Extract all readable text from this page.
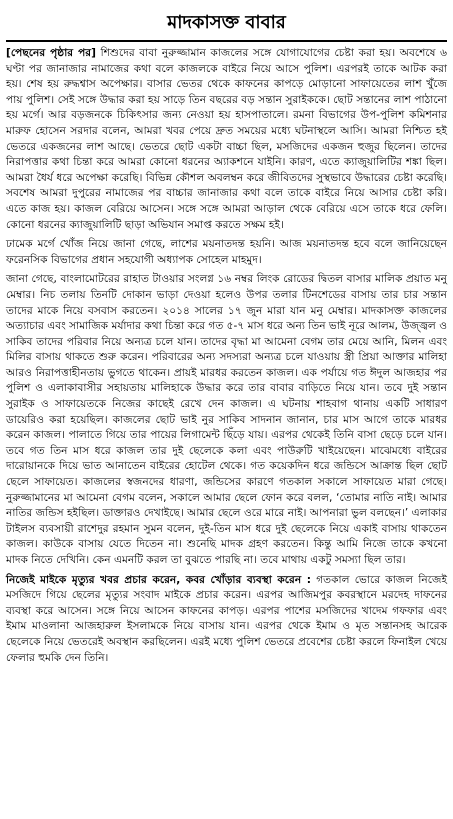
মাদকাসক্ত বাবার

[পেছনের পৃষ্ঠার পর] শিশুদের বাবা নুরুজ্জামান কাজলের সঙ্গে যোগাযোগের চেষ্টা করা হয়। অবশেষে ৬ ঘণ্টা পর জানাজার নামাজের কথা বলে কাজলকে বাইরে নিয়ে আসে পুলিশ। এরপরই তাকে আটক করা হয়। শেষ হয় রুদ্ধশ্বাস অপেক্ষার। বাসার ভেতর থেকে কাফনের কাপড়ে মোড়ানো সাফায়েতের লাশ খুঁজে পায় পুলিশ। সেই সঙ্গে উদ্ধার করা হয় সাড়ে তিন বছরের বড় সন্তান সুরাইককে। ছোট সন্তানের লাশ পাঠানো হয় মর্গে। আর বড়জনকে চিকিৎসার জন্য নেওয়া হয় হাসপাতালে। রমনা বিভাগের উপ-পুলিশ কমিশনার মারুফ হোসেন সরদার বলেন, আমরা খবর পেয়ে দ্রুত সময়ের মধ্যে ঘটনাস্থলে আসি। আমরা নিশ্চিত হই ভেতরে একজনের লাশ আছে। ভেতরে ছোট একটা বাচ্চা ছিল, মসজিদের একজন হুজুর ছিলেন। তাদের নিরাপত্তার কথা চিন্তা করে আমরা কোনো ধরনের অ্যাকশনে যাইনি। কারণ, এতে ক্যাজুয়ালিটির শঙ্কা ছিল। আমরা ধৈর্য ধরে অপেক্ষা করেছি। বিভিন্ন কৌশল অবলম্বন করে জীবিতদের সুস্থভাবে উদ্ধারের চেষ্টা করেছি। সবশেষ আমরা দুপুরের নামাজের পর বাচ্চার জানাজার কথা বলে তাকে বাইরে নিয়ে আসার চেষ্টা করি। এতে কাজ হয়। কাজল বেরিয়ে আসেন। সঙ্গে সঙ্গে আমরা আড়াল থেকে বেরিয়ে এসে তাকে ধরে ফেলি। কোনো ধরনের ক্যাজুয়ালিটি ছাড়া অভিযান সমাপ্ত করতে সক্ষম হই।

ঢামেক মর্গে খোঁজ নিয়ে জানা গেছে, লাশের ময়নাতদন্ত হয়নি। আজ ময়নাতদন্ত হবে বলে জানিয়েছেন ফরেনসিক বিভাগের প্রধান সহযোগী অধ্যাপক সোহেল মাহমুদ।

জানা গেছে, বাংলামোটরের রাহাত টাওয়ার সংলগ্ন ১৬ নম্বর লিংক রোডের দ্বিতল বাসার মালিক প্রয়াত মনু মেম্বার। নিচ তলায় তিনটি দোকান ভাড়া দেওয়া হলেও উপর তলার টিনশেডের বাসায় তার চার সন্তান তাদের মাকে নিয়ে বসবাস করতেন। ২০১৪ সালের ১৭ জুন মারা যান মনু মেম্বার। মাদকাসক্ত কাজলের অত্যাচার এবং সামাজিক মর্যাদার কথা চিন্তা করে গত ৫-৭ মাস ধরে অন্য তিন ভাই নূরে আলম, উজ্জ্বল ও সাকিব তাদের পরিবার নিয়ে অন্যত্র চলে যান। তাদের বৃদ্ধা মা আমেনা বেগম তার মেয়ে আনি, মিলন এবং মিলির বাসায় থাকতে শুরু করেন। পরিবারের অন্য সদস্যরা অন্যত্র চলে যাওয়ায় স্ত্রী প্রিয়া আক্তার মালিহা আরও নিরাপত্তাহীনতায় ভুগতে থাকেন। প্রায়ই মারধর করতেন কাজল। এক পর্যায়ে গত ঈদুল আজহার পর পুলিশ ও এলাকাবাসীর সহায়তায় মালিহাকে উদ্ধার করে তার বাবার বাড়িতে নিয়ে যান। তবে দুই সন্তান সুরাইক ও সাফায়েতকে নিজের কাছেই রেখে দেন কাজল। এ ঘটনায় শাহবাগ থানায় একটি সাধারণ ডায়েরিও করা হয়েছিল। কাজলের ছোট ভাই নুর সাকিব সাদনান জানান, চার মাস আগে তাকে মারধর করেন কাজল। পালাতে গিয়ে তার পায়ের লিগামেন্ট ছিঁড়ে যায়। এরপর থেকেই তিনি বাসা ছেড়ে চলে যান। তবে গত তিন মাস ধরে কাজল তার দুই ছেলেকে কলা এবং পাউরুটি খাইয়েছেন। মাঝেমধ্যে বাইরের দারোয়ানকে দিয়ে ভাত আনাতেন বাইরের হোটেল থেকে। গত কয়েকদিন ধরে জন্ডিসে আক্রান্ত ছিল ছোট ছেলে সাফায়েত। কাজলের স্বজনদের ধারণা, জন্ডিসের কারণে গতকাল সকালে সাফায়েত মারা গেছে। নুরুজ্জামানের মা আমেনা বেগম বলেন, সকালে আমার ছেলে ফোন করে বলল, ‘তোমার নাতি নাই। আমার নাতির জন্ডিস হইছিল। ডাক্তারও দেখাইছে। আমার ছেলে ওরে মারে নাই। আপনারা ভুল বলছেন।’ এলাকার টাইলস ব্যবসায়ী রাশেদুর রহমান সুমন বলেন, দুই-তিন মাস ধরে দুই ছেলেকে নিয়ে একাই বাসায় থাকতেন কাজল। কাউকে বাসায় যেতে দিতেন না। শুনেছি মাদক গ্রহণ করতেন। কিন্তু আমি নিজে তাকে কখনো মাদক নিতে দেখিনি। কেন এমনটি করল তা বুঝতে পারছি না। তবে মাথায় একটু সমস্যা ছিল তার।

নিজেই মাইকে মৃত্যুর খবর প্রচার করেন, কবর খোঁড়ার ব্যবস্থা করেন : গতকাল ভোরে কাজল নিজেই মসজিদে গিয়ে ছেলের মৃত্যুর সংবাদ মাইকে প্রচার করেন। এরপর আজিমপুর কবরস্থানে মরদেহ দাফনের ব্যবস্থা করে আসেন। সঙ্গে নিয়ে আসেন কাফনের কাপড়। এরপর পাশের মসজিদের খাদেম গফফার এবং ইমাম মাওলানা আজহারুল ইসলামকে নিয়ে বাসায় যান। এরপর থেকে ইমাম ও মৃত সন্তানসহ আরেক ছেলেকে নিয়ে ভেতরেই অবস্থান করছিলেন। এরই মধ্যে পুলিশ ভেতরে প্রবেশের চেষ্টা করলে ফিনাইল খেয়ে ফেলার হুমকি দেন তিনি।
